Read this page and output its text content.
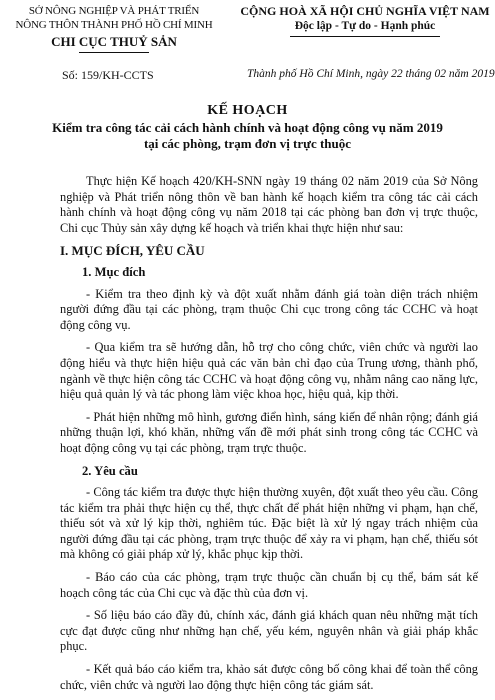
SỞ NÔNG NGHIỆP VÀ PHÁT TRIỂN
NÔNG THÔN THÀNH PHỐ HỒ CHÍ MINH
CHI CỤC THUỶ SẢN
CỘNG HOÀ XÃ HỘI CHỦ NGHĨA VIỆT NAM
Độc lập - Tự do - Hạnh phúc
Số: 159/KH-CCTS	Thành phố Hồ Chí Minh, ngày 22 tháng 02 năm 2019
KẾ HOẠCH
Kiểm tra công tác cải cách hành chính và hoạt động công vụ năm 2019
tại các phòng, trạm đơn vị trực thuộc

Thực hiện Kế hoạch 420/KH-SNN ngày 19 tháng 02 năm 2019 của Sở Nông nghiệp và Phát triển nông thôn về ban hành kế hoạch kiểm tra công tác cải cách hành chính và hoạt động công vụ năm 2018 tại các phòng ban đơn vị trực thuộc, Chi cục Thủy sản xây dựng kế hoạch và triển khai thực hiện như sau:

I. MỤC ĐÍCH, YÊU CẦU

1. Mục đích

- Kiểm tra theo định kỳ và đột xuất nhằm đánh giá toàn diện trách nhiệm người đứng đầu tại các phòng, trạm thuộc Chi cục trong công tác CCHC và hoạt động công vụ.

- Qua kiểm tra sẽ hướng dẫn, hỗ trợ cho công chức, viên chức và người lao động hiểu và thực hiện hiệu quả các văn bản chỉ đạo của Trung ương, thành phố, ngành về thực hiện công tác CCHC và hoạt động công vụ, nhằm nâng cao năng lực, hiệu quả quản lý và tác phong làm việc khoa học, hiệu quả, kịp thời.

- Phát hiện những mô hình, gương điển hình, sáng kiến để nhân rộng; đánh giá những thuận lợi, khó khăn, những vấn đề mới phát sinh trong công tác CCHC và hoạt động công vụ tại các phòng, trạm trực thuộc.

2. Yêu cầu

- Công tác kiểm tra được thực hiện thường xuyên, đột xuất theo yêu cầu. Công tác kiểm tra phải thực hiện cụ thể, thực chất để phát hiện những vi phạm, hạn chế, thiếu sót và xử lý kịp thời, nghiêm túc. Đặc biệt là xử lý ngay trách nhiệm của người đứng đầu tại các phòng, trạm trực thuộc để xảy ra vi phạm, hạn chế, thiếu sót mà không có giải pháp xử lý, khắc phục kịp thời.

- Báo cáo của các phòng, trạm trực thuộc cần chuẩn bị cụ thể, bám sát kế hoạch công tác của Chi cục và đặc thù của đơn vị.

- Số liệu báo cáo đầy đủ, chính xác, đánh giá khách quan nêu những mặt tích cực đạt được cũng như những hạn chế, yếu kém, nguyên nhân và giải pháp khắc phục.

- Kết quả báo cáo kiểm tra, khảo sát được công bố công khai để toàn thể công chức, viên chức và người lao động thực hiện công tác giám sát.
